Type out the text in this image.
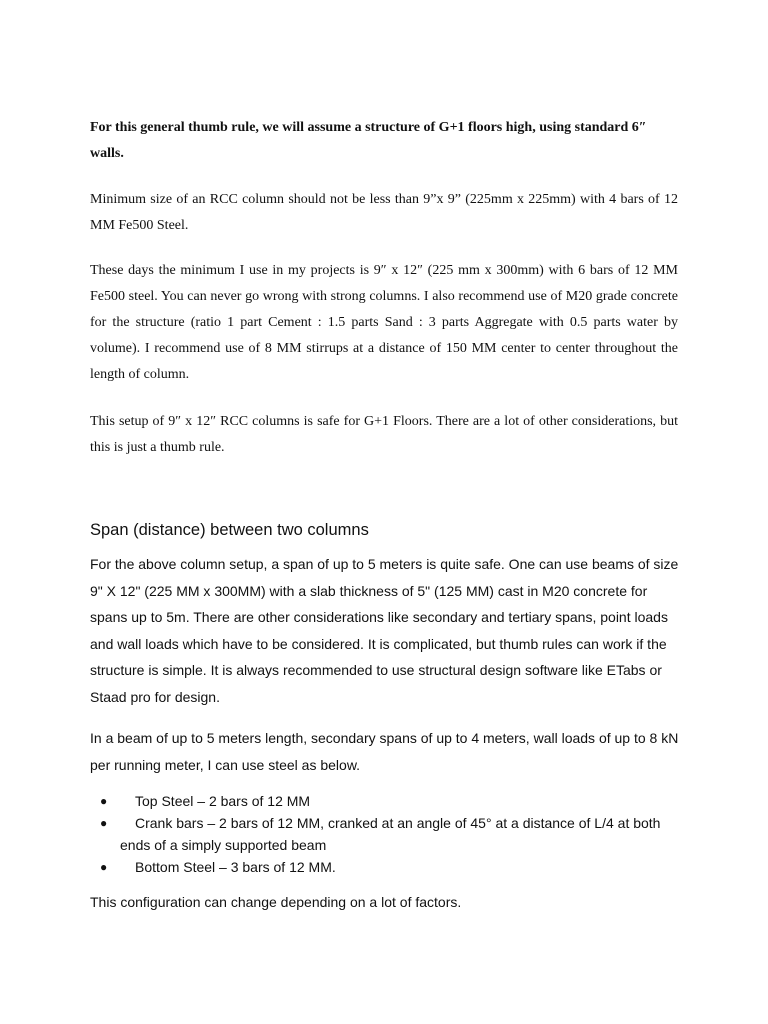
For this general thumb rule, we will assume a structure of G+1 floors high, using standard 6″ walls.

Minimum size of an RCC column should not be less than 9”x 9” (225mm x 225mm) with 4 bars of 12 MM Fe500 Steel.

These days the minimum I use in my projects is 9″ x 12″ (225 mm x 300mm) with 6 bars of 12 MM Fe500 steel. You can never go wrong with strong columns. I also recommend use of M20 grade concrete for the structure (ratio 1 part Cement : 1.5 parts Sand : 3 parts Aggregate with 0.5 parts water by volume). I recommend use of 8 MM stirrups at a distance of 150 MM center to center throughout the length of column.

This setup of 9″ x 12″ RCC columns is safe for G+1 Floors. There are a lot of other considerations, but this is just a thumb rule.

Span (distance) between two columns

For the above column setup, a span of up to 5 meters is quite safe. One can use beams of size 9" X 12" (225 MM x 300MM) with a slab thickness of 5" (125 MM) cast in M20 concrete for spans up to 5m. There are other considerations like secondary and tertiary spans, point loads and wall loads which have to be considered. It is complicated, but thumb rules can work if the structure is simple. It is always recommended to use structural design software like ETabs or Staad pro for design.

In a beam of up to 5 meters length, secondary spans of up to 4 meters, wall loads of up to 8 kN per running meter, I can use steel as below.

● Top Steel – 2 bars of 12 MM
● Crank bars – 2 bars of 12 MM, cranked at an angle of 45° at a distance of L/4 at both ends of a simply supported beam
● Bottom Steel – 3 bars of 12 MM.

This configuration can change depending on a lot of factors.
